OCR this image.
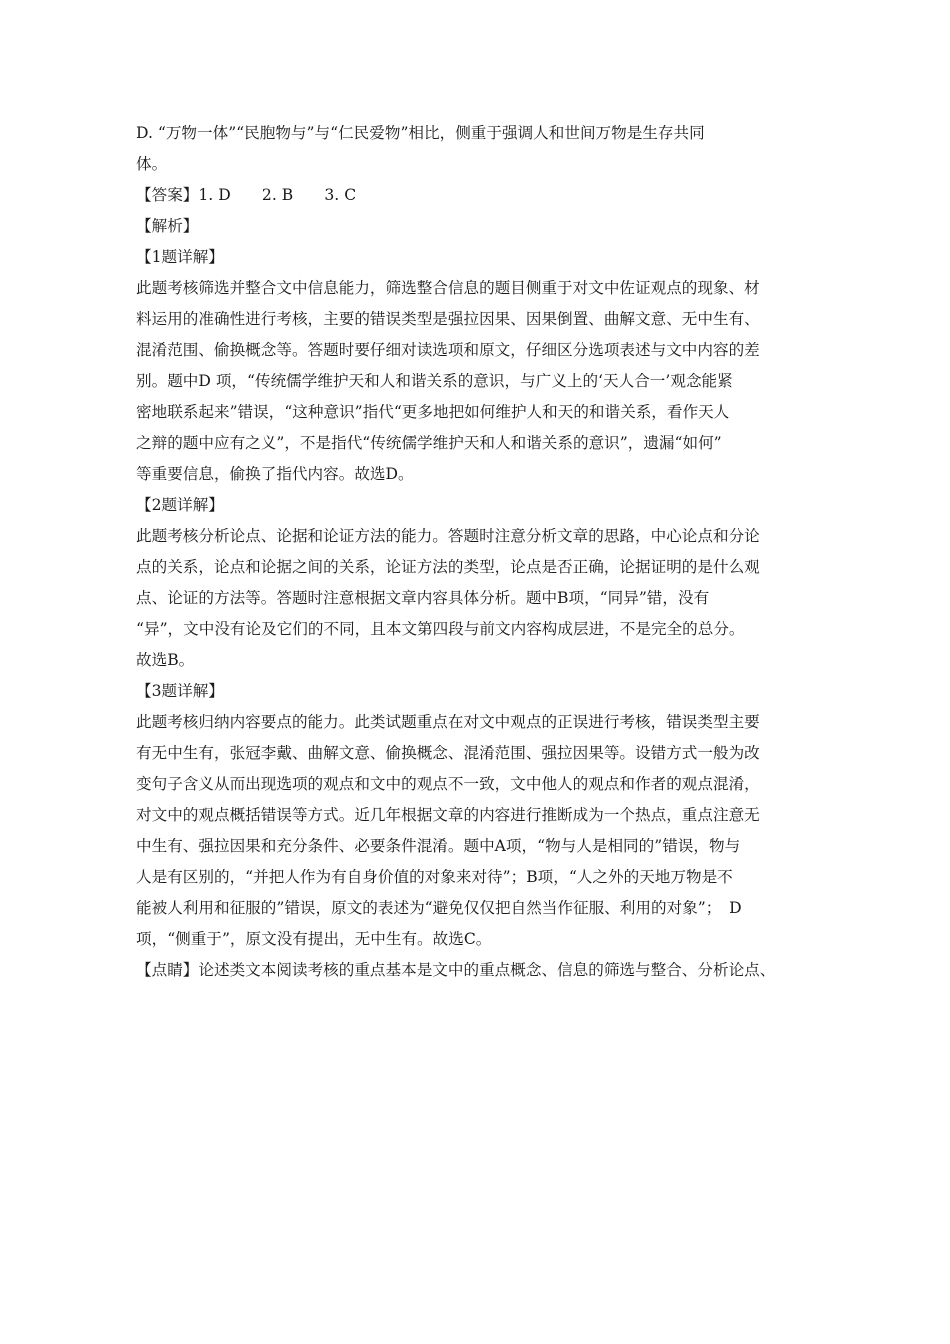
D. “万物一体”“民胞物与”与“仁民爱物”相比，侧重于强调人和世间万物是生存共同
体。
【答案】1. D　　2. B　　3. C
【解析】
【1题详解】
此题考核筛选并整合文中信息能力，筛选整合信息的题目侧重于对文中佐证观点的现象、材
料运用的准确性进行考核，主要的错误类型是强拉因果、因果倒置、曲解文意、无中生有、
混淆范围、偷换概念等。答题时要仔细对读选项和原文，仔细区分选项表述与文中内容的差
别。题中D 项，“传统儒学维护天和人和谐关系的意识，与广义上的‘天人合一’观念能紧
密地联系起来”错误，“这种意识”指代“更多地把如何维护人和天的和谐关系，看作天人
之辩的题中应有之义”，不是指代“传统儒学维护天和人和谐关系的意识”，遗漏“如何”
等重要信息，偷换了指代内容。故选D。
【2题详解】
此题考核分析论点、论据和论证方法的能力。答题时注意分析文章的思路，中心论点和分论
点的关系，论点和论据之间的关系，论证方法的类型，论点是否正确，论据证明的是什么观
点、论证的方法等。答题时注意根据文章内容具体分析。题中B项，“同异”错，没有
“异”，文中没有论及它们的不同，且本文第四段与前文内容构成层进，不是完全的总分。
故选B。
【3题详解】
此题考核归纳内容要点的能力。此类试题重点在对文中观点的正误进行考核，错误类型主要
有无中生有，张冠李戴、曲解文意、偷换概念、混淆范围、强拉因果等。设错方式一般为改
变句子含义从而出现选项的观点和文中的观点不一致，文中他人的观点和作者的观点混淆，
对文中的观点概括错误等方式。近几年根据文章的内容进行推断成为一个热点，重点注意无
中生有、强拉因果和充分条件、必要条件混淆。题中A项，“物与人是相同的”错误，物与
人是有区别的，“并把人作为有自身价值的对象来对待”；B项，“人之外的天地万物是不
能被人利用和征服的”错误，原文的表述为“避免仅仅把自然当作征服、利用的对象”；　D
项，“侧重于”，原文没有提出，无中生有。故选C。
【点睛】论述类文本阅读考核的重点基本是文中的重点概念、信息的筛选与整合、分析论点、
